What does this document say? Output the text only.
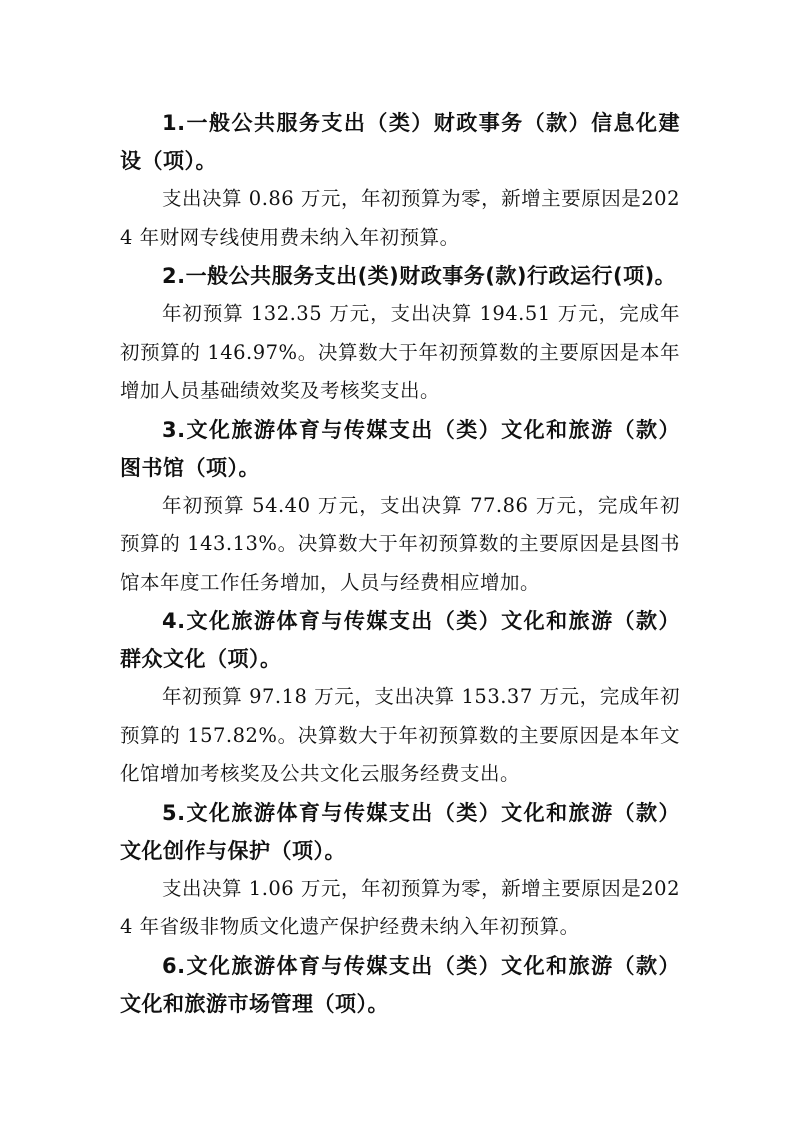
1.一般公共服务支出（类）财政事务（款）信息化建设（项）。

支出决算 0.86 万元，年初预算为零，新增主要原因是2024 年财网专线使用费未纳入年初预算。

2.一般公共服务支出(类)财政事务(款)行政运行(项)。

年初预算 132.35 万元，支出决算 194.51 万元，完成年初预算的 146.97%。决算数大于年初预算数的主要原因是本年增加人员基础绩效奖及考核奖支出。

3.文化旅游体育与传媒支出（类）文化和旅游（款）图书馆（项）。

年初预算 54.40 万元，支出决算 77.86 万元，完成年初预算的 143.13%。决算数大于年初预算数的主要原因是县图书馆本年度工作任务增加，人员与经费相应增加。

4.文化旅游体育与传媒支出（类）文化和旅游（款）群众文化（项）。

年初预算 97.18 万元，支出决算 153.37 万元，完成年初预算的 157.82%。决算数大于年初预算数的主要原因是本年文化馆增加考核奖及公共文化云服务经费支出。

5.文化旅游体育与传媒支出（类）文化和旅游（款）文化创作与保护（项）。

支出决算 1.06 万元，年初预算为零，新增主要原因是2024 年省级非物质文化遗产保护经费未纳入年初预算。

6.文化旅游体育与传媒支出（类）文化和旅游（款）文化和旅游市场管理（项）。
